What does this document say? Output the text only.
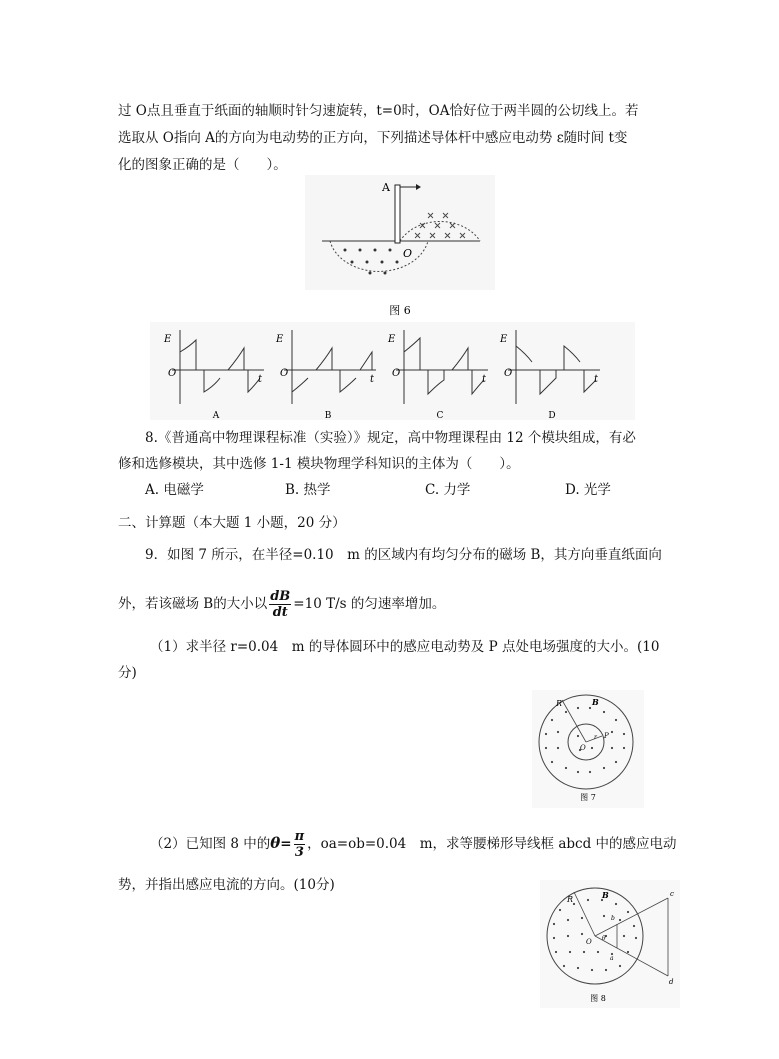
过 O点且垂直于纸面的轴顺时针匀速旋转，t=0时，OA恰好位于两半圆的公切线上。若
选取从 O指向 A的方向为电动势的正方向，下列描述导体杆中感应电动势 ε随时间 t变
化的图象正确的是（　　）。
A
O
图 6
E
O
t
A
E
O
t
B
E
O
t
C
E
O
t
D
8.《普通高中物理课程标准（实验）》规定，高中物理课程由 12 个模块组成，有必
修和选修模块，其中选修 1-1 模块物理学科知识的主体为（　　）。
A. 电磁学	B. 热学	C. 力学	D. 光学
二、计算题（本大题 1 小题，20 分）
9．如图 7 所示，在半径=0.10　m 的区域内有均匀分布的磁场 B，其方向垂直纸面向
外，若该磁场 B的大小以 $\frac{dB}{dt} =10$ T/s 的匀速率增加。
（1）求半径 r=0.04　m 的导体圆环中的感应电动势及 P 点处电场强度的大小。(10
分)
R	B
P
r
O
图 7
（2）已知图 8 中的$\theta= \frac{\pi}{3}$ ，oa=ob=0.04　m，求等腰梯形导线框 abcd 中的感应电动
势，并指出感应电流的方向。(10分)
R	B
O θ
a
b
c
d
图 8
